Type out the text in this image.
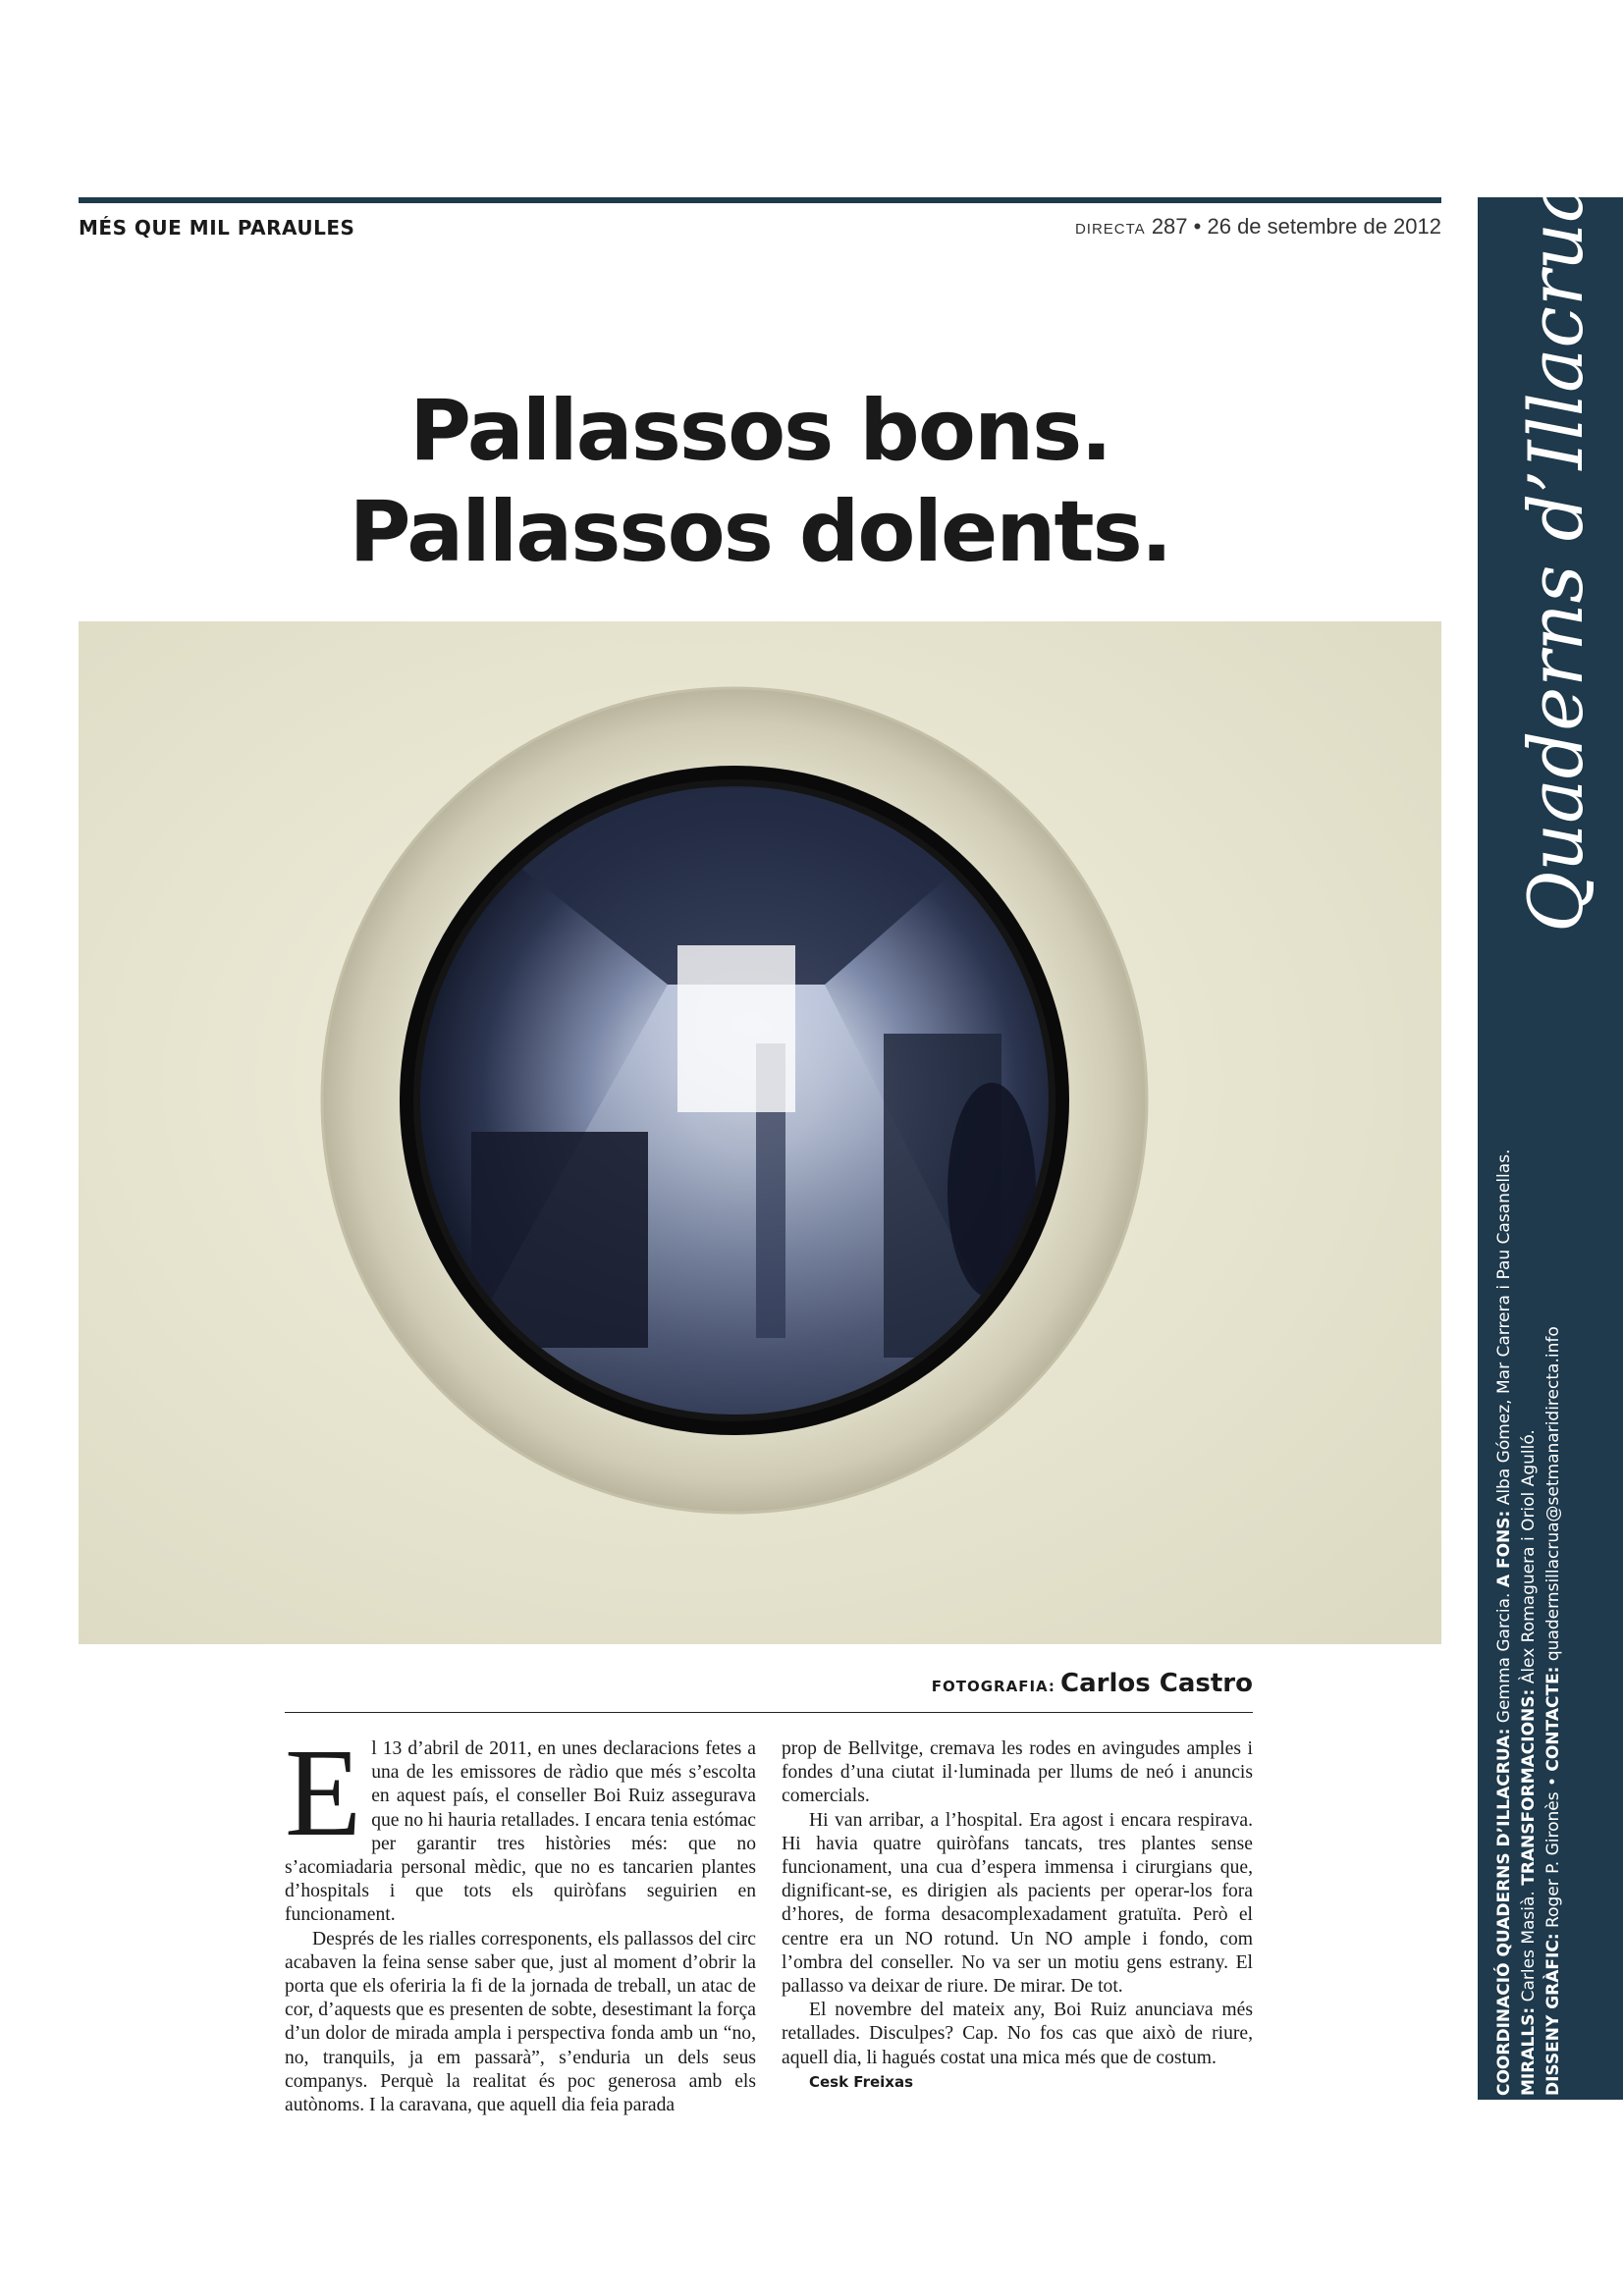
MÉS QUE MIL PARAULES	DIRECTA 287 • 26 de setembre de 2012
Pallassos bons.
Pallassos dolents.
FOTOGRAFIA: Carlos Castro

El 13 d’abril de 2011, en unes declaracions fetes a una de les emissores de ràdio que més s’escolta en aquest país, el conseller Boi Ruiz assegurava que no hi hauria retallades. I encara tenia estómac per garantir tres històries més: que no s’acomiadaria personal mèdic, que no es tancarien plantes d’hospitals i que tots els quiròfans seguirien en funcionament.

Després de les rialles corresponents, els pallassos del circ acabaven la feina sense saber que, just al moment d’obrir la porta que els oferiria la fi de la jornada de treball, un atac de cor, d’aquests que es presenten de sobte, desestimant la força d’un dolor de mirada ampla i perspectiva fonda amb un “no, no, tranquils, ja em passarà”, s’enduria un dels seus companys. Perquè la realitat és poc generosa amb els autònoms. I la caravana, que aquell dia feia parada

prop de Bellvitge, cremava les rodes en avingudes amples i fondes d’una ciutat il·luminada per llums de neó i anuncis comercials.

Hi van arribar, a l’hospital. Era agost i encara respirava. Hi havia quatre quiròfans tancats, tres plantes sense funcionament, una cua d’espera immensa i cirurgians que, dignificant-se, es dirigien als pacients per operar-los fora d’hores, de forma desacomplexadament gratuïta. Però el centre era un NO rotund. Un NO ample i fondo, com l’ombra del conseller. No va ser un motiu gens estrany. El pallasso va deixar de riure. De mirar. De tot.

El novembre del mateix any, Boi Ruiz anunciava més retallades. Disculpes? Cap. No fos cas que això de riure, aquell dia, li hagués costat una mica més que de costum.

Cesk Freixas

Quaderns d’Illacrua
COORDINACIÓ QUADERNS D’ILLACRUA: Gemma Garcia. A FONS: Alba Gómez, Mar Carrera i Pau Casanellas.
MIRALLS: Carles Masià. TRANSFORMACIONS: Àlex Romaguera i Oriol Agulló.
DISSENY GRÀFIC: Roger P. Gironès • CONTACTE: quadernsillacrua@setmanaridirecta.info
